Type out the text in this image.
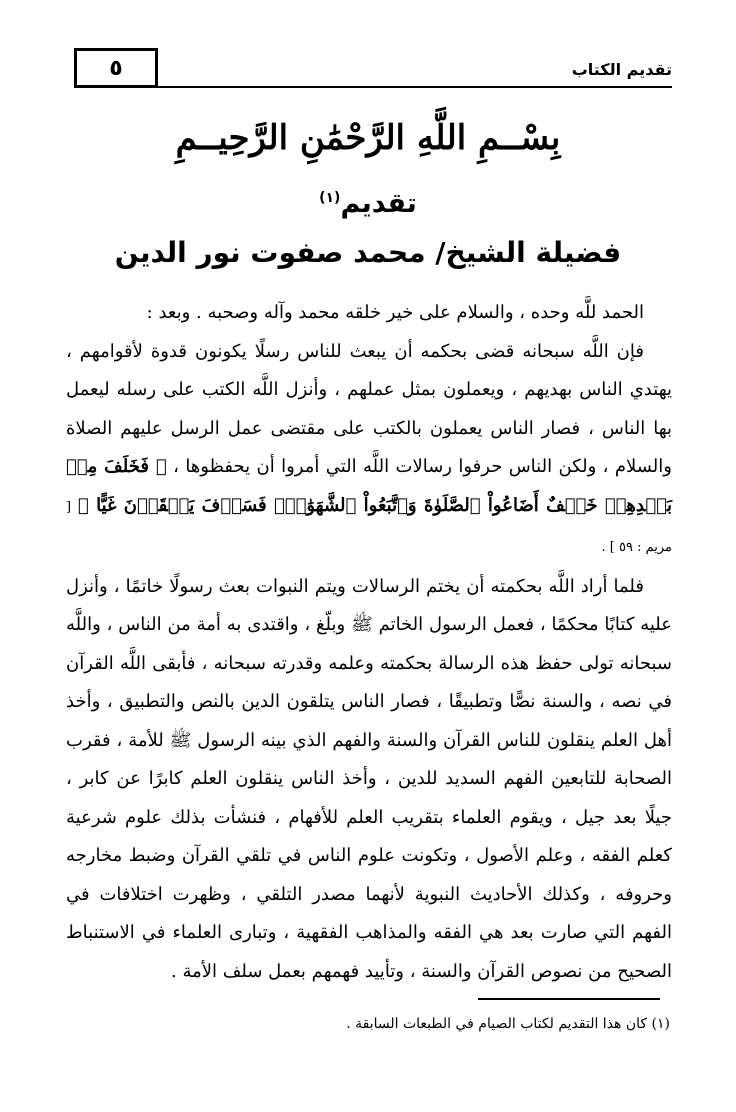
٥	تقديم الكتاب
بِسْــمِ اللَّهِ الرَّحْمَٰنِ الرَّحِيــمِ
تقديم$^{(١)}$
فضيلة الشيخ/ محمد صفوت نور الدين

الحمد للَّه وحده ، والسلام على خير خلقه محمد وآله وصحبه . وبعد :

فإن اللَّه سبحانه قضى بحكمه أن يبعث للناس رسلًا يكونون قدوة لأقوامهم ، يهتدي الناس بهديهم ، ويعملون بمثل عملهم ، وأنزل اللَّه الكتب على رسله ليعمل بها الناس ، فصار الناس يعملون بالكتب على مقتضى عمل الرسل عليهم الصلاة والسلام ، ولكن الناس حرفوا رسالات اللَّه التي أمروا أن يحفظوها ، ﴿ فَخَلَفَ مِنۢ بَعۡدِهِمۡ خَلۡفٌ أَضَاعُواْ ٱلصَّلَوٰةَ وَٱتَّبَعُواْ ٱلشَّهَوَٰتِۖ فَسَوۡفَ يَلۡقَوۡنَ غَيًّا ﴾ [ مريم : ٥٩ ] .

فلما أراد اللَّه بحكمته أن يختم الرسالات ويتم النبوات بعث رسولًا خاتمًا ، وأنزل عليه كتابًا محكمًا ، فعمل الرسول الخاتم ﷺ وبلّغ ، واقتدى به أمة من الناس ، واللَّه سبحانه تولى حفظ هذه الرسالة بحكمته وعلمه وقدرته سبحانه ، فأبقى اللَّه القرآن في نصه ، والسنة نصًّا وتطبيقًا ، فصار الناس يتلقون الدين بالنص والتطبيق ، وأخذ أهل العلم ينقلون للناس القرآن والسنة والفهم الذي بينه الرسول ﷺ للأمة ، فقرب الصحابة للتابعين الفهم السديد للدين ، وأخذ الناس ينقلون العلم كابرًا عن كابر ، جيلًا بعد جيل ، ويقوم العلماء بتقريب العلم للأفهام ، فنشأت بذلك علوم شرعية كعلم الفقه ، وعلم الأصول ، وتكونت علوم الناس في تلقي القرآن وضبط مخارجه وحروفه ، وكذلك الأحاديث النبوية لأنهما مصدر التلقي ، وظهرت اختلافات في الفهم التي صارت بعد هي الفقه والمذاهب الفقهية ، وتبارى العلماء في الاستنباط الصحيح من نصوص القرآن والسنة ، وتأييد فهمهم بعمل سلف الأمة .

(١) كان هذا التقديم لكتاب الصيام في الطبعات السابقة .
